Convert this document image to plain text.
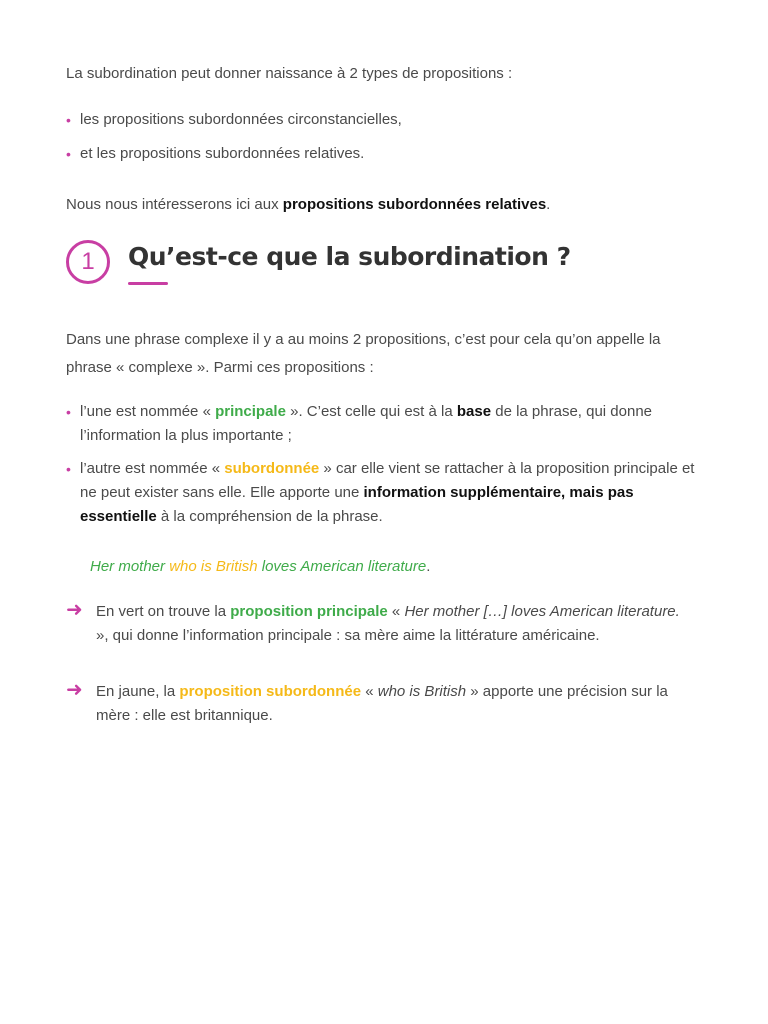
La subordination peut donner naissance à 2 types de propositions :
• les propositions subordonnées circonstancielles,
• et les propositions subordonnées relatives.
Nous nous intéresserons ici aux propositions subordonnées relatives.
1	Qu’est-ce que la subordination ?
Dans une phrase complexe il y a au moins 2 propositions, c’est pour cela qu’on appelle la phrase « complexe ». Parmi ces propositions :
• l’une est nommée « principale ». C’est celle qui est à la base de la phrase, qui donne l’information la plus importante ;
• l’autre est nommée « subordonnée » car elle vient se rattacher à la proposition principale et ne peut exister sans elle. Elle apporte une information supplémentaire, mais pas essentielle à la compréhension de la phrase.
Her mother who is British loves American literature.
➜ En vert on trouve la proposition principale « Her mother […] loves American literature. », qui donne l’information principale : sa mère aime la littérature américaine.
➜ En jaune, la proposition subordonnée « who is British » apporte une précision sur la mère : elle est britannique.
